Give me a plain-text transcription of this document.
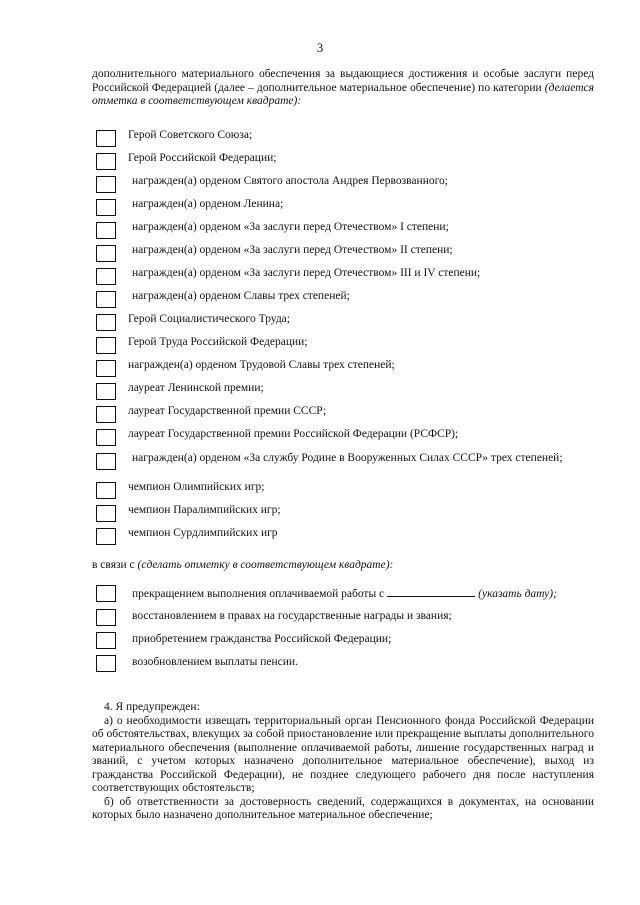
3
дополнительного материального обеспечения за выдающиеся достижения и особые заслуги перед Российской Федерацией (далее – дополнительное материальное обеспечение) по категории (делается отметка в соответствующем квадрате):
Герой Советского Союза;
Герой Российской Федерации;
награжден(а) орденом Святого апостола Андрея Первозванного;
награжден(а) орденом Ленина;
награжден(а) орденом «За заслуги перед Отечеством» I степени;
награжден(а) орденом «За заслуги перед Отечеством» II степени;
награжден(а) орденом «За заслуги перед Отечеством» III и IV степени;
награжден(а) орденом Славы трех степеней;
Герой Социалистического Труда;
Герой Труда Российской Федерации;
награжден(а) орденом Трудовой Славы трех степеней;
лауреат Ленинской премии;
лауреат Государственной премии СССР;
лауреат Государственной премии Российской Федерации (РСФСР);
награжден(а) орденом «За службу Родине в Вооруженных Силах СССР» трех степеней;
чемпион Олимпийских игр;
чемпион Паралимпийских игр;
чемпион Сурдлимпийских игр
в связи с (сделать отметку в соответствующем квадрате):
прекращением выполнения оплачиваемой работы с	(указать дату);
восстановлением в правах на государственные награды и звания;
приобретением гражданства Российской Федерации;
возобновлением выплаты пенсии.

4. Я предупрежден:

а) о необходимости извещать территориальный орган Пенсионного фонда Российской Федерации об обстоятельствах, влекущих за собой приостановление или прекращение выплаты дополнительного материального обеспечения (выполнение оплачиваемой работы, лишение государственных наград и званий, с учетом которых назначено дополнительное материальное обеспечение), выход из гражданства Российской Федерации), не позднее следующего рабочего дня после наступления соответствующих обстоятельств;

б) об ответственности за достоверность сведений, содержащихся в документах, на основании которых было назначено дополнительное материальное обеспечение;
